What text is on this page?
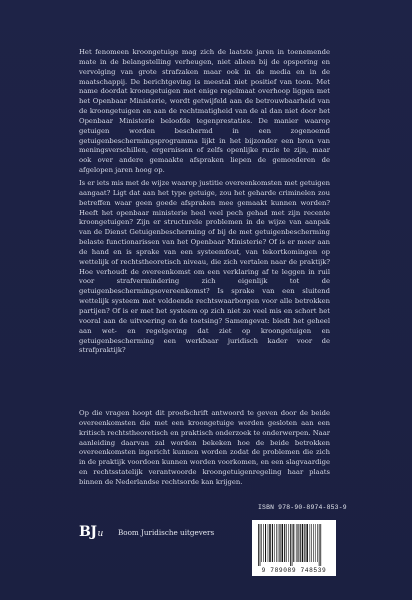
Het fenomeen kroongetuige mag zich de laatste jaren in toenemende mate in de belangstelling verheugen, niet alleen bij de opsporing en vervolging van grote strafzaken maar ook in de media en in de maatschappij. De berichtgeving is meestal niet positief van toon. Met name doordat kroongetuigen met enige regelmaat overhoop liggen met het Openbaar Ministerie, wordt getwijfeld aan de betrouwbaarheid van de kroongetuigen en aan de rechtmatigheid van de al dan niet door het Openbaar Ministerie beloofde tegenprestaties. De manier waarop getuigen worden beschermd in een zogenoemd getuigenbeschermingsprogramma lijkt in het bijzonder een bron van meningsverschillen, ergernissen of zelfs openlijke ruzie te zijn, maar ook over andere gemaakte afspraken liepen de gemoederen de afgelopen jaren hoog op.

Is er iets mis met de wijze waarop justitie overeenkomsten met getuigen aangaat? Ligt dat aan het type getuige, zou het geharde criminelen zou betreffen waar geen goede afspraken mee gemaakt kunnen worden? Heeft het openbaar ministerie heel veel pech gehad met zijn recente kroongetuigen? Zijn er structurele problemen in de wijze van aanpak van de Dienst Getuigenbescherming of bij de met getuigenbescherming belaste functionarissen van het Openbaar Ministerie? Of is er meer aan de hand en is sprake van een systeemfout, van tekortkomingen op wettelijk of rechtstheoretisch niveau, die zich vertalen naar de praktijk? Hoe verhoudt de overeenkomst om een verklaring af te leggen in ruil voor strafvermindering zich eigenlijk tot de getuigenbeschermingsovereenkomst? Is sprake van een sluitend wettelijk systeem met voldoende rechtswaarborgen voor alle betrokken partijen? Of is er met het systeem op zich niet zo veel mis en schort het vooral aan de uitvoering en de toetsing? Samengevat: biedt het geheel aan wet- en regelgeving dat ziet op kroongetuigen en getuigenbescherming een werkbaar juridisch kader voor de strafpraktijk?

Op die vragen hoopt dit proefschrift antwoord te geven door de beide overeenkomsten die met een kroongetuige worden gesloten aan een kritisch rechtstheoretisch en praktisch onderzoek te onderwerpen. Naar aanleiding daarvan zal worden bekeken hoe de beide betrokken overeenkomsten ingericht kunnen worden zodat de problemen die zich in de praktijk voordoen kunnen worden voorkomen, en een slagvaardige en rechtsstatelijk verantwoorde kroongetuigenregeling haar plaats binnen de Nederlandse rechtsorde kan krijgen.

BJu Boom Juridische uitgevers
ISBN 978-90-8974-853-9
9 789089 748539
